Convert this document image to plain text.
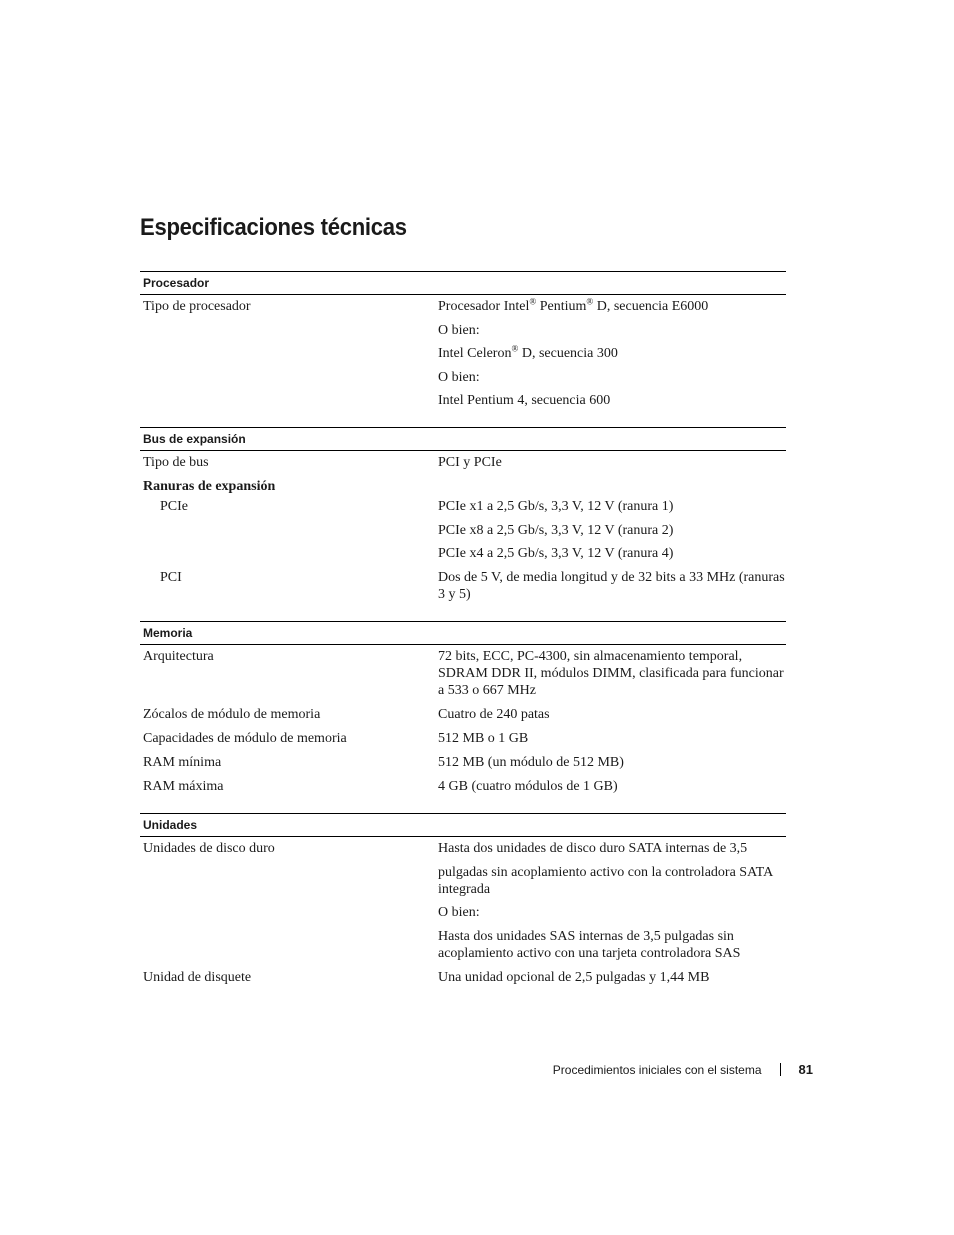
Especificaciones técnicas
Procesador
Tipo de procesador	Procesador Intel® Pentium® D, secuencia E6000
O bien:
Intel Celeron® D, secuencia 300
O bien:
Intel Pentium 4, secuencia 600
Bus de expansión
Tipo de bus	PCI y PCIe
Ranuras de expansión
PCIe	PCIe x1 a 2,5 Gb/s, 3,3 V, 12 V (ranura 1)
PCIe x8 a 2,5 Gb/s, 3,3 V, 12 V (ranura 2)
PCIe x4 a 2,5 Gb/s, 3,3 V, 12 V (ranura 4)
PCI	Dos de 5 V, de media longitud y de 32 bits a 33 MHz (ranuras 3 y 5)
Memoria
Arquitectura	72 bits, ECC, PC-4300, sin almacenamiento temporal, SDRAM DDR II, módulos DIMM, clasificada para funcionar a 533 o 667 MHz
Zócalos de módulo de memoria	Cuatro de 240 patas
Capacidades de módulo de memoria	512 MB o 1 GB
RAM mínima	512 MB (un módulo de 512 MB)
RAM máxima	4 GB (cuatro módulos de 1 GB)
Unidades
Unidades de disco duro	Hasta dos unidades de disco duro SATA internas de 3,5
pulgadas sin acoplamiento activo con la controladora SATA integrada
O bien:
Hasta dos unidades SAS internas de 3,5 pulgadas sin acoplamiento activo con una tarjeta controladora SAS
Unidad de disquete	Una unidad opcional de 2,5 pulgadas y 1,44 MB
Procedimientos iniciales con el sistema	81
